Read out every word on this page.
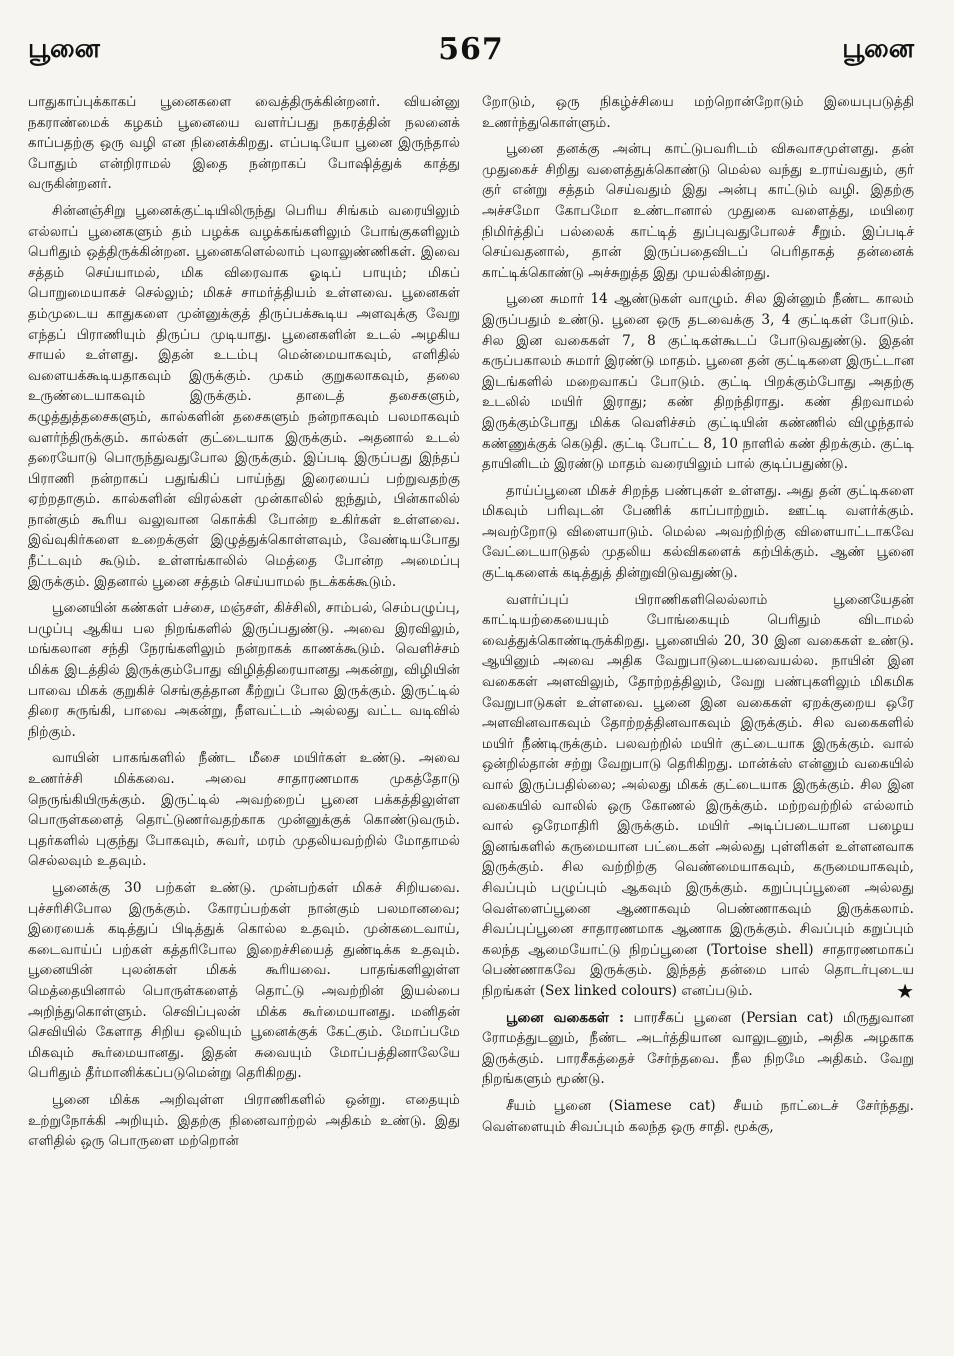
பூனை	567	பூனை

பாதுகாப்புக்காகப் பூனைகளை வைத்திருக்கின்றனர். வியன்னு நகராண்மைக் கழகம் பூனையை வளர்ப்பது நகரத்தின் நலனைக் காப்பதற்கு ஒரு வழி என நினைக்கிறது. எப்படியோ பூனை இருந்தால் போதும் என்றிராமல் இதை நன்றாகப் போஷித்துக் காத்து வருகின்றனர்.

சின்னஞ்சிறு பூனைக்குட்டியிலிருந்து பெரிய சிங்கம் வரையிலும் எல்லாப் பூனைகளும் தம் பழக்க வழக்கங்களிலும் போங்குகளிலும் பெரிதும் ஒத்திருக்கின்றன. பூனைகளெல்லாம் புலாலுண்ணிகள். இவை சத்தம் செய்யாமல், மிக விரைவாக ஓடிப் பாயும்; மிகப் பொறுமையாகச் செல்லும்; மிகச் சாமர்த்தியம் உள்ளவை. பூனைகள் தம்முடைய காதுகளை முன்னுக்குத் திருப்பக்கூடிய அளவுக்கு வேறு எந்தப் பிராணியும் திருப்ப முடியாது. பூனைகளின் உடல் அழகிய சாயல் உள்ளது. இதன் உடம்பு மென்மையாகவும், எளிதில் வளையக்கூடியதாகவும் இருக்கும். முகம் குறுகலாகவும், தலை உருண்டையாகவும் இருக்கும். தாடைத் தசைகளும், கழுத்துத்தசைகளும், கால்களின் தசைகளும் நன்றாகவும் பலமாகவும் வளர்ந்திருக்கும். கால்கள் குட்டையாக இருக்கும். அதனால் உடல் தரையோடு பொருந்துவதுபோல இருக்கும். இப்படி இருப்பது இந்தப் பிராணி நன்றாகப் பதுங்கிப் பாய்ந்து இரையைப் பற்றுவதற்கு ஏற்றதாகும். கால்களின் விரல்கள் முன்காலில் ஐந்தும், பின்காலில் நான்கும் கூரிய வலுவான கொக்கி போன்ற உகிர்கள் உள்ளவை. இவ்வுகிர்களை உறைக்குள் இழுத்துக்கொள்ளவும், வேண்டியபோது நீட்டவும் கூடும். உள்ளங்காலில் மெத்தை போன்ற அமைப்பு இருக்கும். இதனால் பூனை சத்தம் செய்யாமல் நடக்கக்கூடும்.

பூனையின் கண்கள் பச்சை, மஞ்சள், கிச்சிலி, சாம்பல், செம்பழுப்பு, பழுப்பு ஆகிய பல நிறங்களில் இருப்பதுண்டு. அவை இரவிலும், மங்கலான சந்தி நேரங்களிலும் நன்றாகக் காணக்கூடும். வெளிச்சம் மிக்க இடத்தில் இருக்கும்போது விழித்திரையானது அகன்று, விழியின் பாவை மிகக் குறுகிச் செங்குத்தான கீற்றுப் போல இருக்கும். இருட்டில் திரை சுருங்கி, பாவை அகன்று, நீளவட்டம் அல்லது வட்ட வடிவில் நிற்கும்.

வாயின் பாகங்களில் நீண்ட மீசை மயிர்கள் உண்டு. அவை உணர்ச்சி மிக்கவை. அவை சாதாரணமாக முகத்தோடு நெருங்கியிருக்கும். இருட்டில் அவற்றைப் பூனை பக்கத்திலுள்ள பொருள்களைத் தொட்டுணர்வதற்காக முன்னுக்குக் கொண்டுவரும். புதர்களில் புகுந்து போகவும், சுவர், மரம் முதலியவற்றில் மோதாமல் செல்லவும் உதவும்.

பூனைக்கு 30 பற்கள் உண்டு. முன்பற்கள் மிகச் சிறியவை. புச்சரிசிபோல இருக்கும். கோரப்பற்கள் நான்கும் பலமானவை; இரையைக் கடித்துப் பிடித்துக் கொல்ல உதவும். முன்கடைவாய், கடைவாய்ப் பற்கள் கத்தரிபோல இறைச்சியைத் துண்டிக்க உதவும். பூனையின் புலன்கள் மிகக் கூரியவை. பாதங்களிலுள்ள மெத்தையினால் பொருள்களைத் தொட்டு அவற்றின் இயல்பை அறிந்துகொள்ளும். செவிப்புலன் மிக்க கூர்மையானது. மனிதன் செவியில் கேளாத சிறிய ஒலியும் பூனைக்குக் கேட்கும். மோப்பமே மிகவும் கூர்மையானது. இதன் சுவையும் மோப்பத்தினாலேயே பெரிதும் தீர்மானிக்கப்படுமென்று தெரிகிறது.

பூனை மிக்க அறிவுள்ள பிராணிகளில் ஒன்று. எதையும் உற்றுநோக்கி அறியும். இதற்கு நினைவாற்றல் அதிகம் உண்டு. இது எளிதில் ஒரு பொருளை மற்றொன்

றோடும், ஒரு நிகழ்ச்சியை மற்றொன்றோடும் இயைபுபடுத்தி உணர்ந்துகொள்ளும்.

பூனை தனக்கு அன்பு காட்டுபவரிடம் விசுவாசமுள்ளது. தன் முதுகைச் சிறிது வளைத்துக்கொண்டு மெல்ல வந்து உராய்வதும், குர் குர் என்று சத்தம் செய்வதும் இது அன்பு காட்டும் வழி. இதற்கு அச்சமோ கோபமோ உண்டானால் முதுகை வளைத்து, மயிரை நிமிர்த்திப் பல்லைக் காட்டித் துப்புவதுபோலச் சீறும். இப்படிச் செய்வதனால், தான் இருப்பதைவிடப் பெரிதாகத் தன்னைக் காட்டிக்கொண்டு அச்சுறுத்த இது முயல்கின்றது.

பூனை சுமார் 14 ஆண்டுகள் வாழும். சில இன்னும் நீண்ட காலம் இருப்பதும் உண்டு. பூனை ஒரு தடவைக்கு 3, 4 குட்டிகள் போடும். சில இன வகைகள் 7, 8 குட்டிகள்கூடப் போடுவதுண்டு. இதன் கருப்பகாலம் சுமார் இரண்டு மாதம். பூனை தன் குட்டிகளை இருட்டான இடங்களில் மறைவாகப் போடும். குட்டி பிறக்கும்போது அதற்கு உடலில் மயிர் இராது; கண் திறந்திராது. கண் திறவாமல் இருக்கும்போது மிக்க வெளிச்சம் குட்டியின் கண்ணில் விழுந்தால் கண்ணுக்குக் கெடுதி. குட்டி போட்ட 8, 10 நாளில் கண் திறக்கும். குட்டி தாயினிடம் இரண்டு மாதம் வரையிலும் பால் குடிப்பதுண்டு.

தாய்ப்பூனை மிகச் சிறந்த பண்புகள் உள்ளது. அது தன் குட்டிகளை மிகவும் பரிவுடன் பேணிக் காப்பாற்றும். ஊட்டி வளர்க்கும். அவற்றோடு விளையாடும். மெல்ல அவற்றிற்கு விளையாட்டாகவே வேட்டையாடுதல் முதலிய கல்விகளைக் கற்பிக்கும். ஆண் பூனை குட்டிகளைக் கடித்துத் தின்றுவிடுவதுண்டு.

வளர்ப்புப் பிராணிகளிலெல்லாம் பூனையேதன் காட்டியற்கையையும் போங்கையும் பெரிதும் விடாமல் வைத்துக்கொண்டிருக்கிறது. பூனையில் 20, 30 இன வகைகள் உண்டு. ஆயினும் அவை அதிக வேறுபாடுடையவையல்ல. நாயின் இன வகைகள் அளவிலும், தோற்றத்திலும், வேறு பண்புகளிலும் மிகமிக வேறுபாடுகள் உள்ளவை. பூனை இன வகைகள் ஏறக்குறைய ஒரே அளவினவாகவும் தோற்றத்தினவாகவும் இருக்கும். சில வகைகளில் மயிர் நீண்டிருக்கும். பலவற்றில் மயிர் குட்டையாக இருக்கும். வால் ஒன்றில்தான் சற்று வேறுபாடு தெரிகிறது. மான்க்ஸ் என்னும் வகையில் வால் இருப்பதில்லை; அல்லது மிகக் குட்டையாக இருக்கும். சில இன வகையில் வாலில் ஒரு கோணல் இருக்கும். மற்றவற்றில் எல்லாம் வால் ஒரேமாதிரி இருக்கும். மயிர் அடிப்படையான பழைய இனங்களில் கருமையான பட்டைகள் அல்லது புள்ளிகள் உள்ளனவாக இருக்கும். சில வற்றிற்கு வெண்மையாகவும், கருமையாகவும், சிவப்பும் பழுப்பும் ஆகவும் இருக்கும். கறுப்புப்பூனை அல்லது வெள்ளைப்பூனை ஆணாகவும் பெண்ணாகவும் இருக்கலாம். சிவப்புப்பூனை சாதாரணமாக ஆணாக இருக்கும். சிவப்பும் கறுப்பும் கலந்த ஆமையோட்டு நிறப்பூனை (Tortoise shell) சாதாரணமாகப் பெண்ணாகவே இருக்கும். இந்தத் தன்மை பால் தொடர்புடைய நிறங்கள் (Sex linked colours) எனப்படும்.	★

பூனை வகைகள் : பாரசீகப் பூனை (Persian cat) மிருதுவான ரோமத்துடனும், நீண்ட அடர்த்தியான வாலுடனும், அதிக அழகாக இருக்கும். பாரசீகத்தைச் சேர்ந்தவை. நீல நிறமே அதிகம். வேறு நிறங்களும் மூண்டு.

சீயம் பூனை (Siamese cat) சீயம் நாட்டைச் சேர்ந்தது. வெள்ளையும் சிவப்பும் கலந்த ஒரு சாதி. மூக்கு,
